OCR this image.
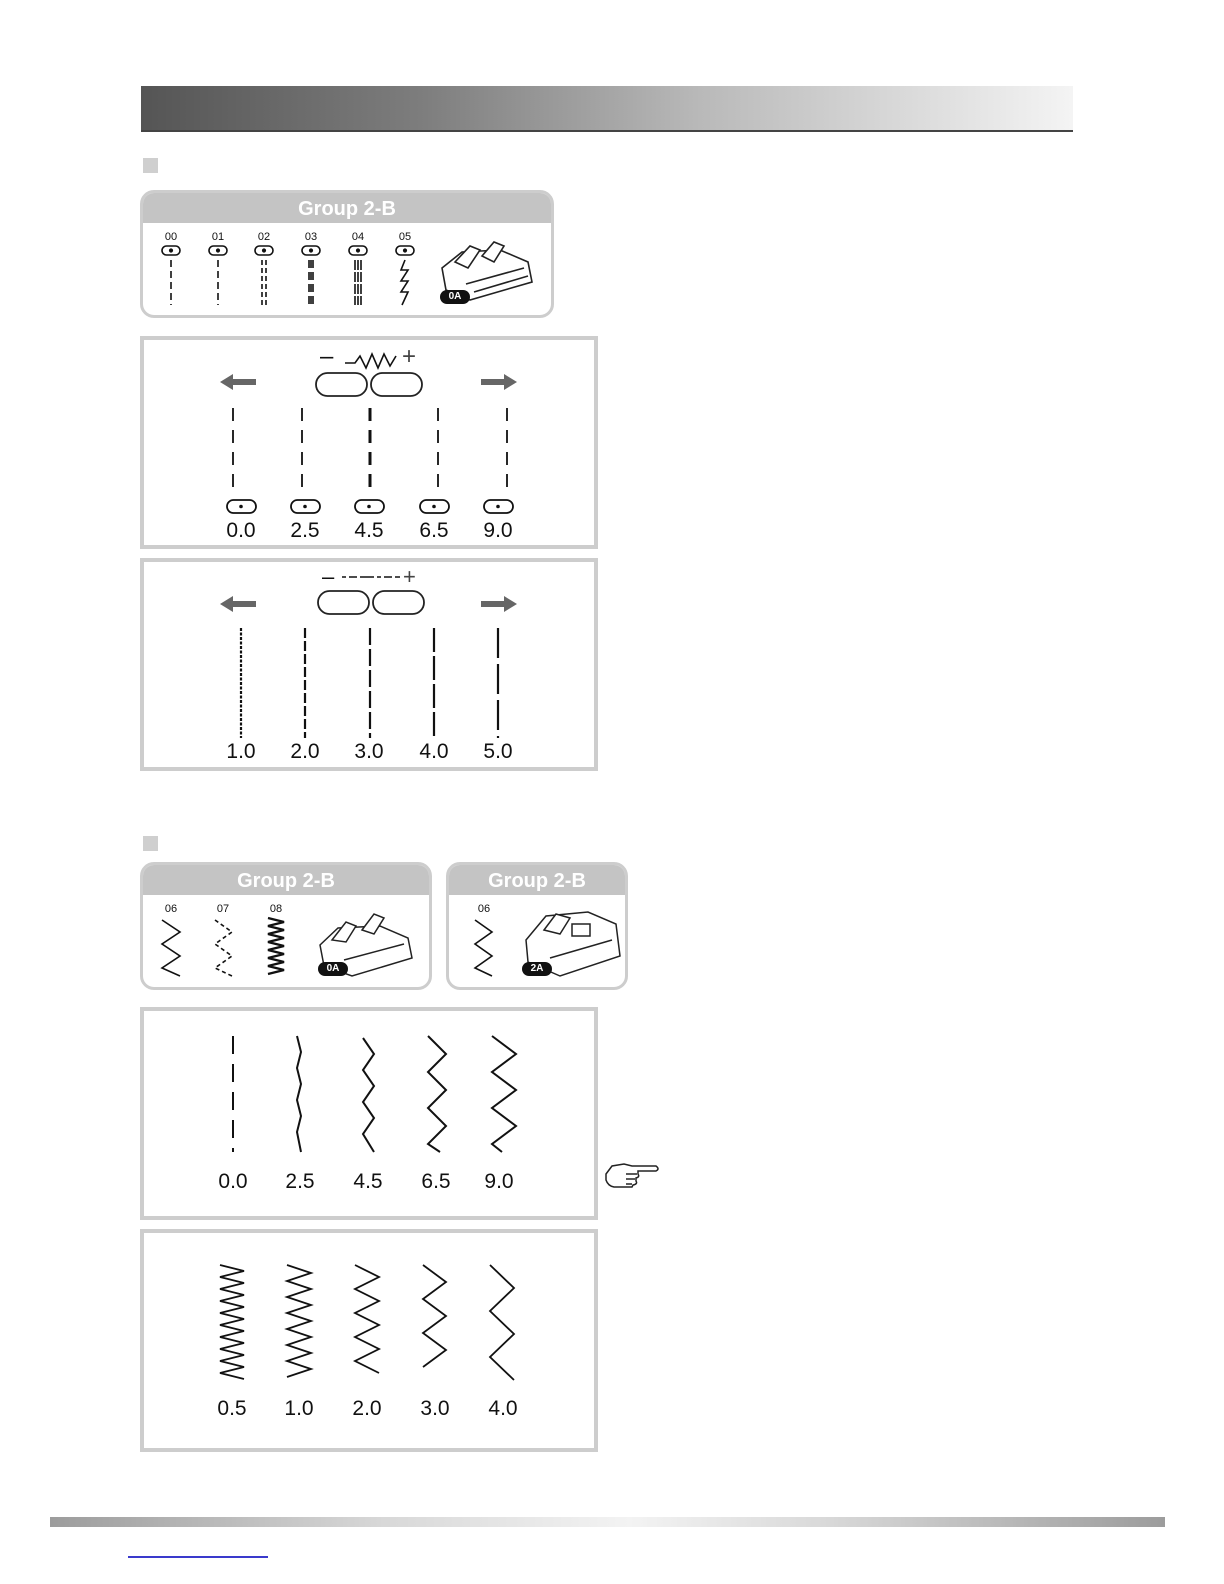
Group 2-B
00	01	02	03	04	05
0A
–	+
0.0	2.5	4.5	6.5	9.0
–	+
1.0	2.0	3.0	4.0	5.0
Group 2-B
06	07	08
Group 2-B
06
0A	2A
0.0	2.5	4.5	6.5	9.0
0.5	1.0	2.0	3.0	4.0
